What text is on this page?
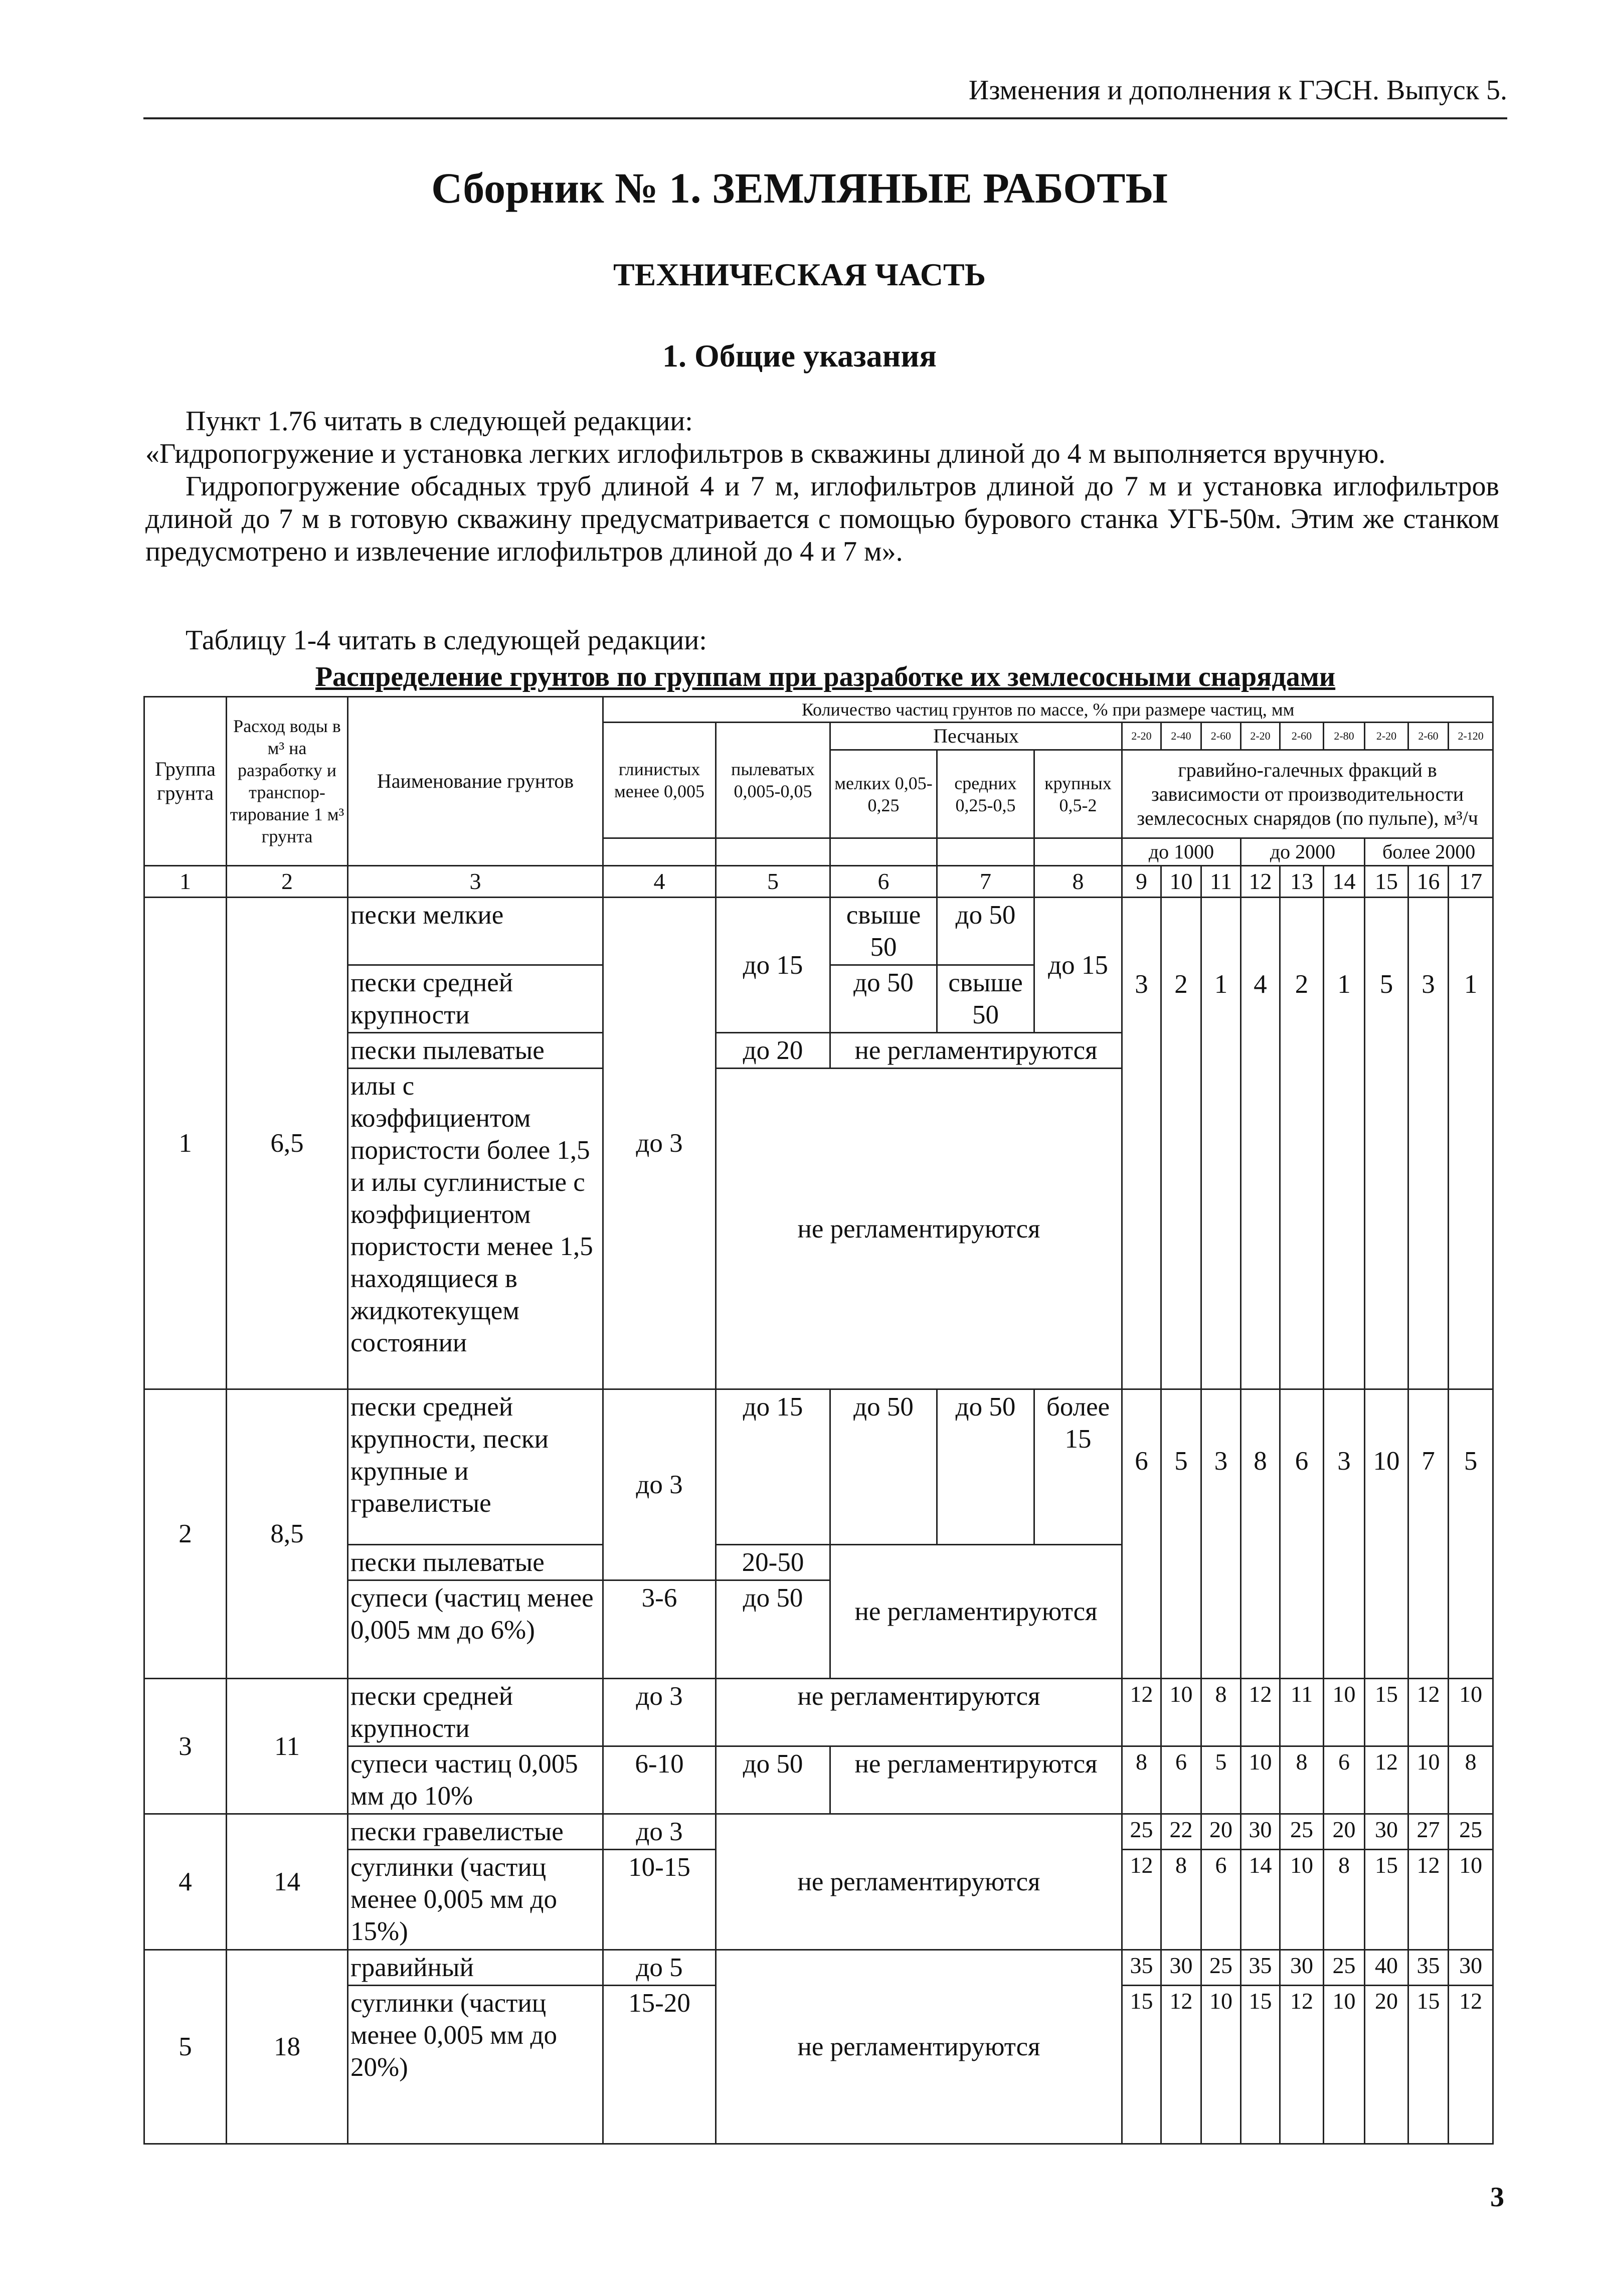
Изменения и дополнения к ГЭСН. Выпуск 5.
Сборник № 1. ЗЕМЛЯНЫЕ РАБОТЫ
ТЕХНИЧЕСКАЯ ЧАСТЬ
1. Общие указания

Пункт 1.76 читать в следующей редакции:

«Гидропогружение и установка легких иглофильтров в скважины длиной до 4 м выполняется вручную.

Гидропогружение обсадных труб длиной 4 и 7 м, иглофильтров длиной до 7 м и установка иглофильтров длиной до 7 м в готовую скважину предусматривается с помощью бурового станка УГБ-50м. Этим же станком предусмотрено и извлечение иглофильтров длиной до 4 и 7 м».

Таблицу 1-4 читать в следующей редакции:

Распределение грунтов по группам при разработке их землесосными снарядами

Группа грунта	Расход воды в м³ на разработку и транспор-тирование 1 м³ грунта	Наименование грунтов	Количество частиц грунтов по массе, % при размере частиц, мм													
			глинистых менее 0,005	пылеватых 0,005-0,05	Песчаных			2-20	2-40	2-60	2-20	2-60	2-80	2-20	2-60	2-120
					мелких 0,05-0,25	средних 0,25-0,5	крупных 0,5-2	гравийно-галечных фракций в зависимости от производительности землесосных снарядов (по пульпе), м³/ч								
								до 1000			до 2000			более 2000		
1	2	3	4	5	6	7	8	9	10	11	12	13	14	15	16	17
1	6,5	пески мелкие	до 3	до 15	свыше 50	до 50	до 15	3	2	1	4	2	1	5	3	1
		пески средней крупности			до 50	свыше 50										
		пески пылеватые		до 20	не регламентируются											
		илы с коэффициентом пористости более 1,5 и илы суглинистые с коэффициентом пористости менее 1,5 находящиеся в жидкотекущем состоянии		не регламентируются												
2	8,5	пески средней крупности, пески крупные и гравелистые	до 3	до 15	до 50	до 50	более 15	6	5	3	8	6	3	10	7	5
		пески пылеватые		20-50	не регламентируются											
		супеси (частиц менее 0,005 мм до 6%)	3-6	до 50												
3	11	пески средней крупности	до 3	не регламентируются				12	10	8	12	11	10	15	12	10
		супеси частиц 0,005 мм до 10%	6-10	до 50	не регламентируются			8	6	5	10	8	6	12	10	8
4	14	пески гравелистые	до 3	не регламентируются				25	22	20	30	25	20	30	27	25
		суглинки (частиц менее 0,005 мм до 15%)	10-15					12	8	6	14	10	8	15	12	10
5	18	гравийный	до 5	не регламентируются				35	30	25	35	30	25	40	35	30
		суглинки (частиц менее 0,005 мм до 20%)	15-20					15	12	10	15	12	10	20	15	12

3
